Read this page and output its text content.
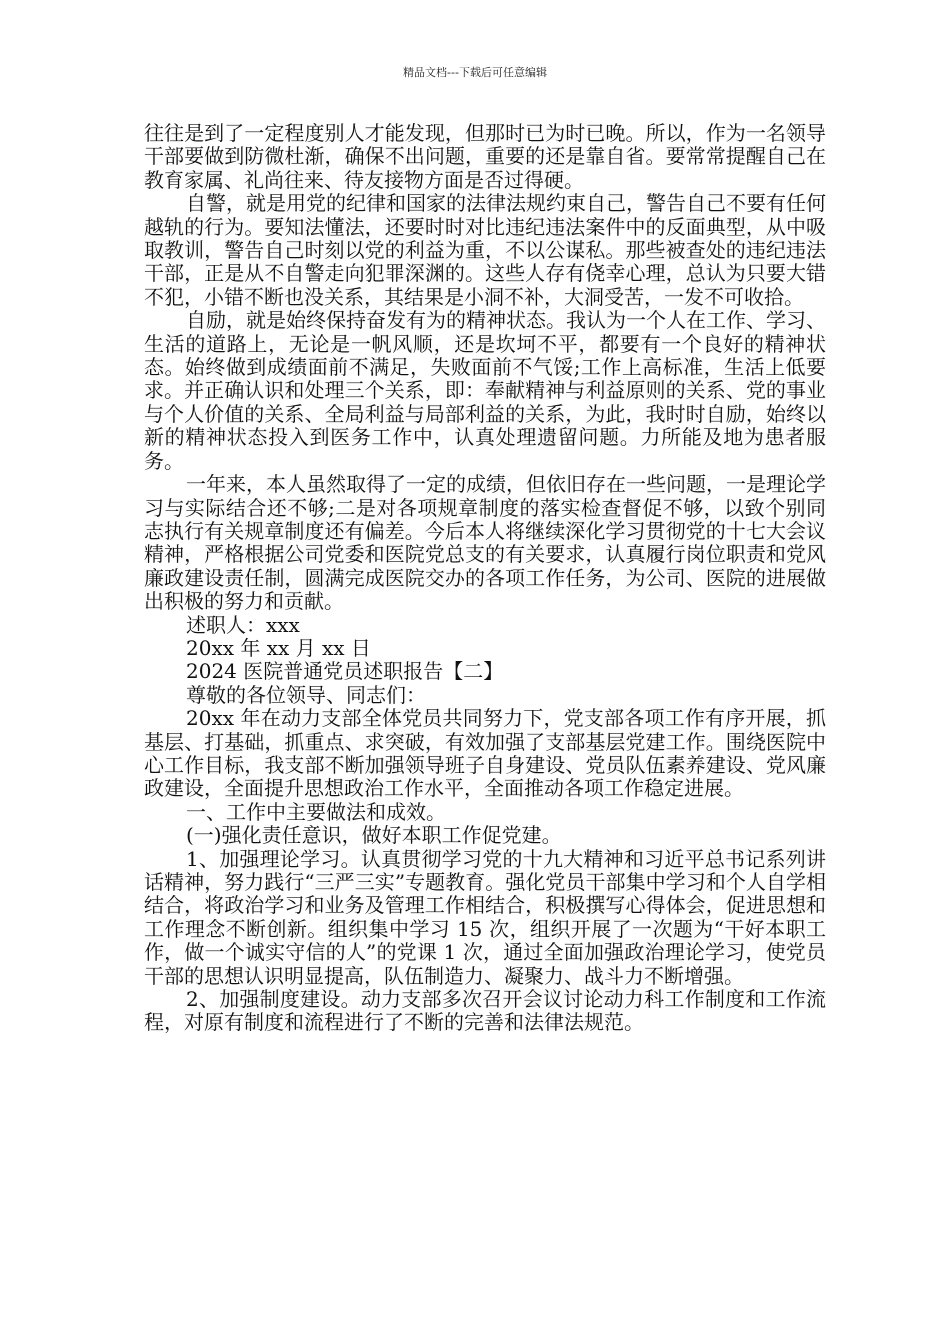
精品文档---下载后可任意编辑

往往是到了一定程度别人才能发现，但那时已为时已晚。所以，作为一名领导干部要做到防微杜渐，确保不出问题，重要的还是靠自省。要常常提醒自己在教育家属、礼尚往来、待友接物方面是否过得硬。

自警，就是用党的纪律和国家的法律法规约束自己，警告自己不要有任何越轨的行为。要知法懂法，还要时时对比违纪违法案件中的反面典型，从中吸取教训，警告自己时刻以党的利益为重，不以公谋私。那些被查处的违纪违法干部，正是从不自警走向犯罪深渊的。这些人存有侥幸心理，总认为只要大错不犯，小错不断也没关系，其结果是小洞不补，大洞受苦，一发不可收拾。

自励，就是始终保持奋发有为的精神状态。我认为一个人在工作、学习、生活的道路上，无论是一帆风顺，还是坎坷不平，都要有一个良好的精神状态。始终做到成绩面前不满足，失败面前不气馁;工作上高标准，生活上低要求。并正确认识和处理三个关系，即：奉献精神与利益原则的关系、党的事业与个人价值的关系、全局利益与局部利益的关系，为此，我时时自励，始终以新的精神状态投入到医务工作中，认真处理遗留问题。力所能及地为患者服务。

一年来，本人虽然取得了一定的成绩，但依旧存在一些问题，一是理论学习与实际结合还不够;二是对各项规章制度的落实检查督促不够，以致个别同志执行有关规章制度还有偏差。今后本人将继续深化学习贯彻党的十七大会议精神，严格根据公司党委和医院党总支的有关要求，认真履行岗位职责和党风廉政建设责任制，圆满完成医院交办的各项工作任务，为公司、医院的进展做出积极的努力和贡献。

述职人：xxx

20xx 年 xx 月 xx 日

2024 医院普通党员述职报告【二】

尊敬的各位领导、同志们：

20xx 年在动力支部全体党员共同努力下，党支部各项工作有序开展，抓基层、打基础，抓重点、求突破，有效加强了支部基层党建工作。围绕医院中心工作目标，我支部不断加强领导班子自身建设、党员队伍素养建设、党风廉政建设，全面提升思想政治工作水平，全面推动各项工作稳定进展。

一、工作中主要做法和成效。

(一)强化责任意识，做好本职工作促党建。

1、加强理论学习。认真贯彻学习党的十九大精神和习近平总书记系列讲话精神，努力践行“三严三实”专题教育。强化党员干部集中学习和个人自学相结合，将政治学习和业务及管理工作相结合，积极撰写心得体会，促进思想和工作理念不断创新。组织集中学习 15 次，组织开展了一次题为“干好本职工作，做一个诚实守信的人”的党课 1 次，通过全面加强政治理论学习，使党员干部的思想认识明显提高，队伍制造力、凝聚力、战斗力不断增强。

2、加强制度建设。动力支部多次召开会议讨论动力科工作制度和工作流程，对原有制度和流程进行了不断的完善和法律法规范。
